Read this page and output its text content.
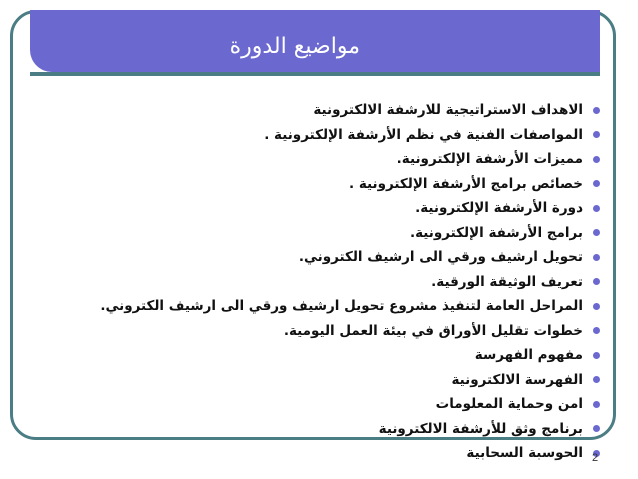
مواضيع الدورة
الاهداف الاستراتيجية للارشفة الالكترونية
المواصفات الفنية في نظم الأرشفة الإلكترونية .
مميزات الأرشفة الإلكترونية.
خصائص برامج الأرشفة الإلكترونية .
دورة الأرشفة الإلكترونية.
برامج الأرشفة الإلكترونية.
تحويل ارشيف ورقي الى ارشيف الكتروني.
تعريف الوثيقة الورقية.
المراحل العامة لتنفيذ مشروع تحويل ارشيف ورقي الى ارشيف الكتروني.
خطوات تقليل الأوراق في بيئة العمل اليومية.
مفهوم الفهرسة
الفهرسة الالكترونية
امن وحماية المعلومات
برنامج وثق للأرشفة الالكترونية
الحوسبة السحابية 2
